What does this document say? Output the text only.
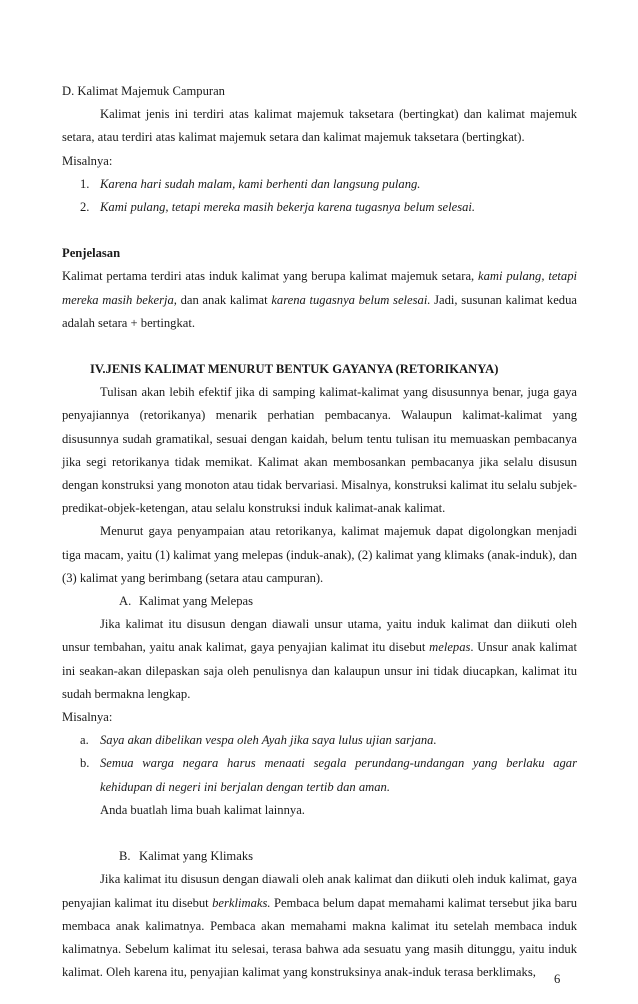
D. Kalimat Majemuk Campuran

Kalimat jenis ini terdiri atas kalimat majemuk taksetara (bertingkat) dan kalimat majemuk setara, atau terdiri atas kalimat majemuk setara dan kalimat majemuk taksetara (bertingkat).

Misalnya:
1. Karena hari sudah malam, kami berhenti dan langsung pulang.
2. Kami pulang, tetapi mereka masih bekerja karena tugasnya belum selesai.
Penjelasan

Kalimat pertama terdiri atas induk kalimat yang berupa kalimat majemuk setara, kami pulang, tetapi mereka masih bekerja, dan anak kalimat karena tugasnya belum selesai. Jadi, susunan kalimat kedua adalah setara + bertingkat.

IV.JENIS KALIMAT MENURUT BENTUK GAYANYA (RETORIKANYA)

Tulisan akan lebih efektif jika di samping kalimat-kalimat yang disusunnya benar, juga gaya penyajiannya (retorikanya) menarik perhatian pembacanya. Walaupun kalimat-kalimat yang disusunnya sudah gramatikal, sesuai dengan kaidah, belum tentu tulisan itu memuaskan pembacanya jika segi retorikanya tidak memikat. Kalimat akan membosankan pembacanya jika selalu disusun dengan konstruksi yang monoton atau tidak bervariasi. Misalnya, konstruksi kalimat itu selalu subjek-predikat-objek-ketengan, atau selalu konstruksi induk kalimat-anak kalimat.

Menurut gaya penyampaian atau retorikanya, kalimat majemuk dapat digolongkan menjadi tiga macam, yaitu (1) kalimat yang melepas (induk-anak), (2) kalimat yang klimaks (anak-induk), dan (3) kalimat yang berimbang (setara atau campuran).

A. Kalimat yang Melepas

Jika kalimat itu disusun dengan diawali unsur utama, yaitu induk kalimat dan diikuti oleh unsur tembahan, yaitu anak kalimat, gaya penyajian kalimat itu disebut melepas. Unsur anak kalimat ini seakan-akan dilepaskan saja oleh penulisnya dan kalaupun unsur ini tidak diucapkan, kalimat itu sudah bermakna lengkap.

Misalnya:
a. Saya akan dibelikan vespa oleh Ayah jika saya lulus ujian sarjana.
b. Semua warga negara harus menaati segala perundang-undangan yang berlaku agar kehidupan di negeri ini berjalan dengan tertib dan aman.
Anda buatlah lima buah kalimat lainnya.
B. Kalimat yang Klimaks

Jika kalimat itu disusun dengan diawali oleh anak kalimat dan diikuti oleh induk kalimat, gaya penyajian kalimat itu disebut berklimaks. Pembaca belum dapat memahami kalimat tersebut jika baru membaca anak kalimatnya. Pembaca akan memahami makna kalimat itu setelah membaca induk kalimatnya. Sebelum kalimat itu selesai, terasa bahwa ada sesuatu yang masih ditunggu, yaitu induk kalimat. Oleh karena itu, penyajian kalimat yang konstruksinya anak-induk terasa berklimaks,	6
